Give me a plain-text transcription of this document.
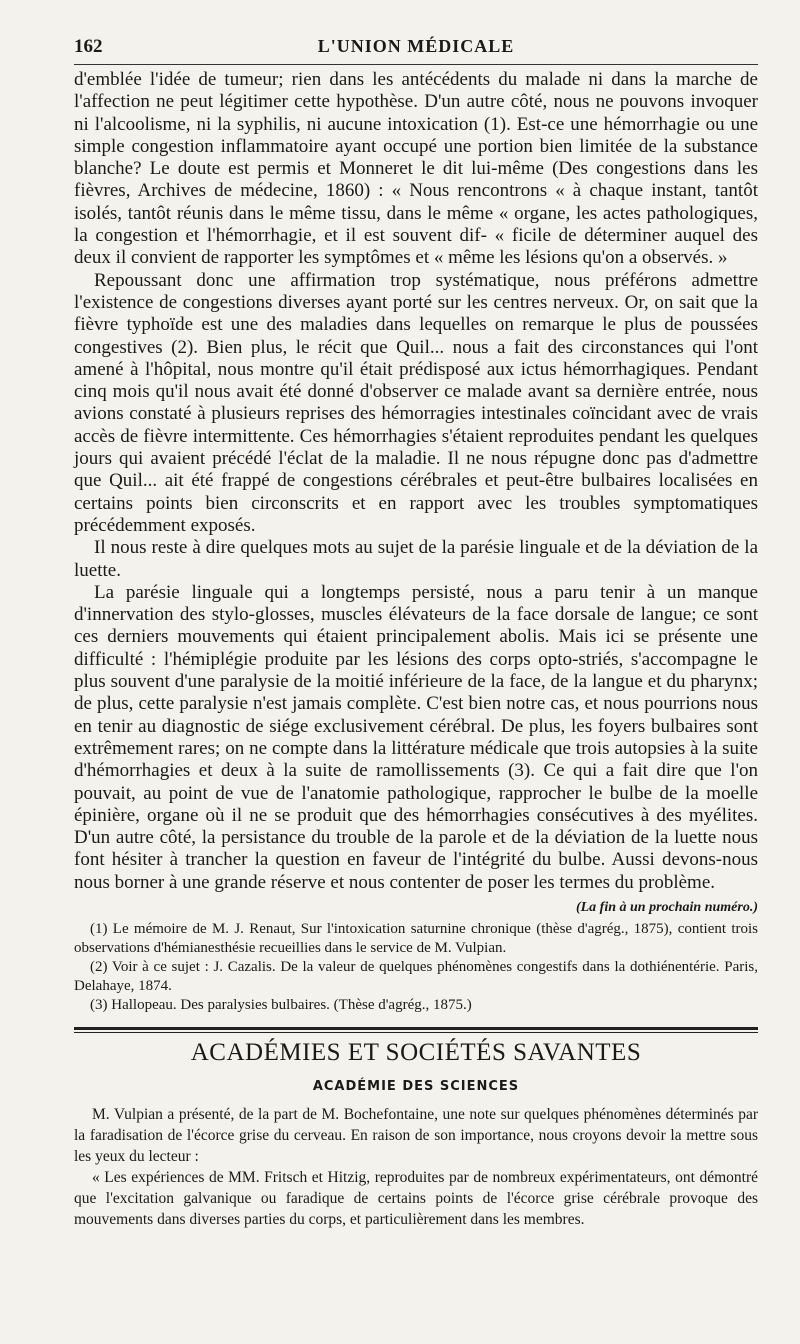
162	L'UNION MÉDICALE

d'emblée l'idée de tumeur; rien dans les antécédents du malade ni dans la marche de l'affection ne peut légitimer cette hypothèse. D'un autre côté, nous ne pouvons invoquer ni l'alcoolisme, ni la syphilis, ni aucune intoxication (1). Est-ce une hémorrhagie ou une simple congestion inflammatoire ayant occupé une portion bien limitée de la substance blanche? Le doute est permis et Monneret le dit lui-même (Des congestions dans les fièvres, Archives de médecine, 1860) : « Nous rencontrons « à chaque instant, tantôt isolés, tantôt réunis dans le même tissu, dans le même « organe, les actes pathologiques, la congestion et l'hémorrhagie, et il est souvent dif- « ficile de déterminer auquel des deux il convient de rapporter les symptômes et « même les lésions qu'on a observés. »

Repoussant donc une affirmation trop systématique, nous préférons admettre l'existence de congestions diverses ayant porté sur les centres nerveux. Or, on sait que la fièvre typhoïde est une des maladies dans lequelles on remarque le plus de poussées congestives (2). Bien plus, le récit que Quil... nous a fait des circonstances qui l'ont amené à l'hôpital, nous montre qu'il était prédisposé aux ictus hémorrhagiques. Pendant cinq mois qu'il nous avait été donné d'observer ce malade avant sa dernière entrée, nous avions constaté à plusieurs reprises des hémorragies intestinales coïncidant avec de vrais accès de fièvre intermittente. Ces hémorrhagies s'étaient reproduites pendant les quelques jours qui avaient précédé l'éclat de la maladie. Il ne nous répugne donc pas d'admettre que Quil... ait été frappé de congestions cérébrales et peut-être bulbaires localisées en certains points bien circonscrits et en rapport avec les troubles symptomatiques précédemment exposés.

Il nous reste à dire quelques mots au sujet de la parésie linguale et de la déviation de la luette.

La parésie linguale qui a longtemps persisté, nous a paru tenir à un manque d'innervation des stylo-glosses, muscles élévateurs de la face dorsale de langue; ce sont ces derniers mouvements qui étaient principalement abolis. Mais ici se présente une difficulté : l'hémiplégie produite par les lésions des corps opto-striés, s'accompagne le plus souvent d'une paralysie de la moitié inférieure de la face, de la langue et du pharynx; de plus, cette paralysie n'est jamais complète. C'est bien notre cas, et nous pourrions nous en tenir au diagnostic de siége exclusivement cérébral. De plus, les foyers bulbaires sont extrêmement rares; on ne compte dans la littérature médicale que trois autopsies à la suite d'hémorrhagies et deux à la suite de ramollissements (3). Ce qui a fait dire que l'on pouvait, au point de vue de l'anatomie pathologique, rapprocher le bulbe de la moelle épinière, organe où il ne se produit que des hémorrhagies consécutives à des myélites. D'un autre côté, la persistance du trouble de la parole et de la déviation de la luette nous font hésiter à trancher la question en faveur de l'intégrité du bulbe. Aussi devons-nous nous borner à une grande réserve et nous contenter de poser les termes du problème.

(La fin à un prochain numéro.)

(1) Le mémoire de M. J. Renaut, Sur l'intoxication saturnine chronique (thèse d'agrég., 1875), contient trois observations d'hémianesthésie recueillies dans le service de M. Vulpian.

(2) Voir à ce sujet : J. Cazalis. De la valeur de quelques phénomènes congestifs dans la dothiénentérie. Paris, Delahaye, 1874.

(3) Hallopeau. Des paralysies bulbaires. (Thèse d'agrég., 1875.)

ACADÉMIES ET SOCIÉTÉS SAVANTES
ACADÉMIE DES SCIENCES

M. Vulpian a présenté, de la part de M. Bochefontaine, une note sur quelques phénomènes déterminés par la faradisation de l'écorce grise du cerveau. En raison de son importance, nous croyons devoir la mettre sous les yeux du lecteur :

« Les expériences de MM. Fritsch et Hitzig, reproduites par de nombreux expérimentateurs, ont démontré que l'excitation galvanique ou faradique de certains points de l'écorce grise cérébrale provoque des mouvements dans diverses parties du corps, et particulièrement dans les membres.
